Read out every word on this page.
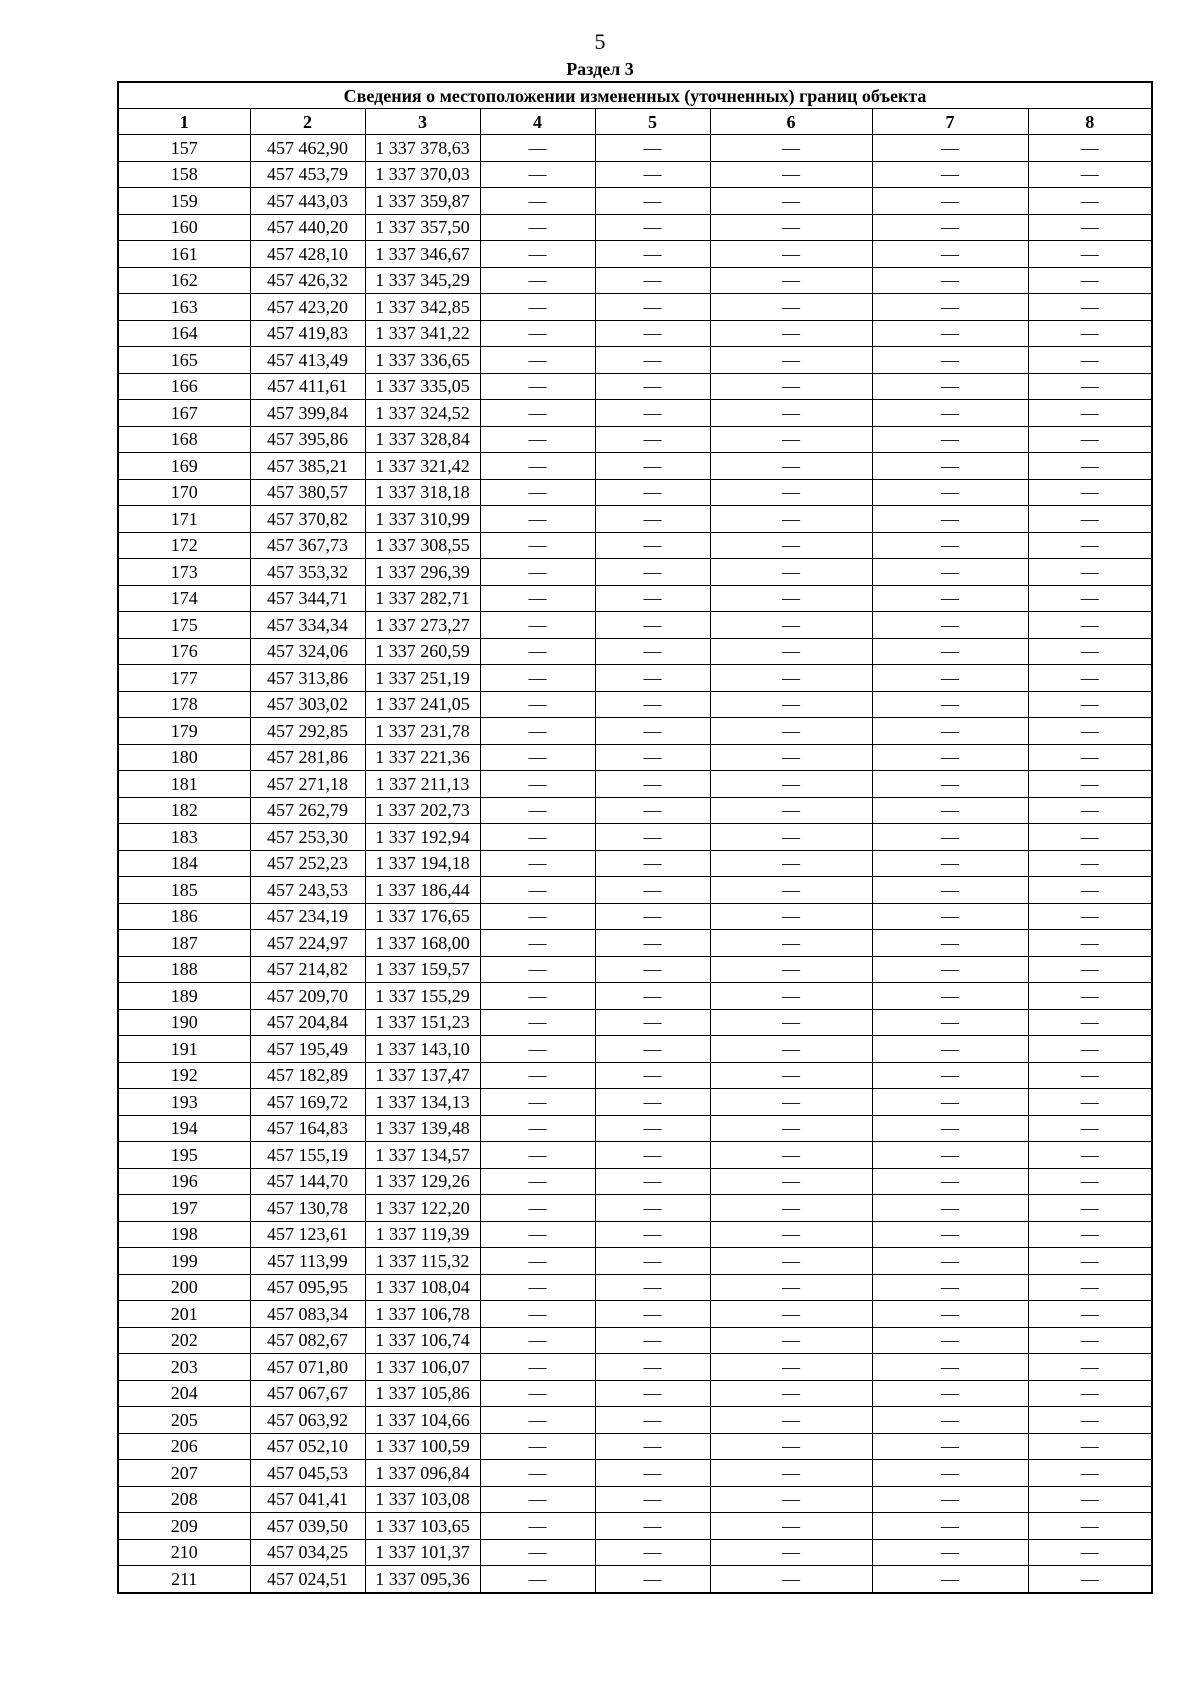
5
Раздел 3
Сведения о местоположении измененных (уточненных) границ объекта							
1	2	3	4	5	6	7	8
157	457 462,90	1 337 378,63	—	—	—	—	—
158	457 453,79	1 337 370,03	—	—	—	—	—
159	457 443,03	1 337 359,87	—	—	—	—	—
160	457 440,20	1 337 357,50	—	—	—	—	—
161	457 428,10	1 337 346,67	—	—	—	—	—
162	457 426,32	1 337 345,29	—	—	—	—	—
163	457 423,20	1 337 342,85	—	—	—	—	—
164	457 419,83	1 337 341,22	—	—	—	—	—
165	457 413,49	1 337 336,65	—	—	—	—	—
166	457 411,61	1 337 335,05	—	—	—	—	—
167	457 399,84	1 337 324,52	—	—	—	—	—
168	457 395,86	1 337 328,84	—	—	—	—	—
169	457 385,21	1 337 321,42	—	—	—	—	—
170	457 380,57	1 337 318,18	—	—	—	—	—
171	457 370,82	1 337 310,99	—	—	—	—	—
172	457 367,73	1 337 308,55	—	—	—	—	—
173	457 353,32	1 337 296,39	—	—	—	—	—
174	457 344,71	1 337 282,71	—	—	—	—	—
175	457 334,34	1 337 273,27	—	—	—	—	—
176	457 324,06	1 337 260,59	—	—	—	—	—
177	457 313,86	1 337 251,19	—	—	—	—	—
178	457 303,02	1 337 241,05	—	—	—	—	—
179	457 292,85	1 337 231,78	—	—	—	—	—
180	457 281,86	1 337 221,36	—	—	—	—	—
181	457 271,18	1 337 211,13	—	—	—	—	—
182	457 262,79	1 337 202,73	—	—	—	—	—
183	457 253,30	1 337 192,94	—	—	—	—	—
184	457 252,23	1 337 194,18	—	—	—	—	—
185	457 243,53	1 337 186,44	—	—	—	—	—
186	457 234,19	1 337 176,65	—	—	—	—	—
187	457 224,97	1 337 168,00	—	—	—	—	—
188	457 214,82	1 337 159,57	—	—	—	—	—
189	457 209,70	1 337 155,29	—	—	—	—	—
190	457 204,84	1 337 151,23	—	—	—	—	—
191	457 195,49	1 337 143,10	—	—	—	—	—
192	457 182,89	1 337 137,47	—	—	—	—	—
193	457 169,72	1 337 134,13	—	—	—	—	—
194	457 164,83	1 337 139,48	—	—	—	—	—
195	457 155,19	1 337 134,57	—	—	—	—	—
196	457 144,70	1 337 129,26	—	—	—	—	—
197	457 130,78	1 337 122,20	—	—	—	—	—
198	457 123,61	1 337 119,39	—	—	—	—	—
199	457 113,99	1 337 115,32	—	—	—	—	—
200	457 095,95	1 337 108,04	—	—	—	—	—
201	457 083,34	1 337 106,78	—	—	—	—	—
202	457 082,67	1 337 106,74	—	—	—	—	—
203	457 071,80	1 337 106,07	—	—	—	—	—
204	457 067,67	1 337 105,86	—	—	—	—	—
205	457 063,92	1 337 104,66	—	—	—	—	—
206	457 052,10	1 337 100,59	—	—	—	—	—
207	457 045,53	1 337 096,84	—	—	—	—	—
208	457 041,41	1 337 103,08	—	—	—	—	—
209	457 039,50	1 337 103,65	—	—	—	—	—
210	457 034,25	1 337 101,37	—	—	—	—	—
211	457 024,51	1 337 095,36	—	—	—	—	—
